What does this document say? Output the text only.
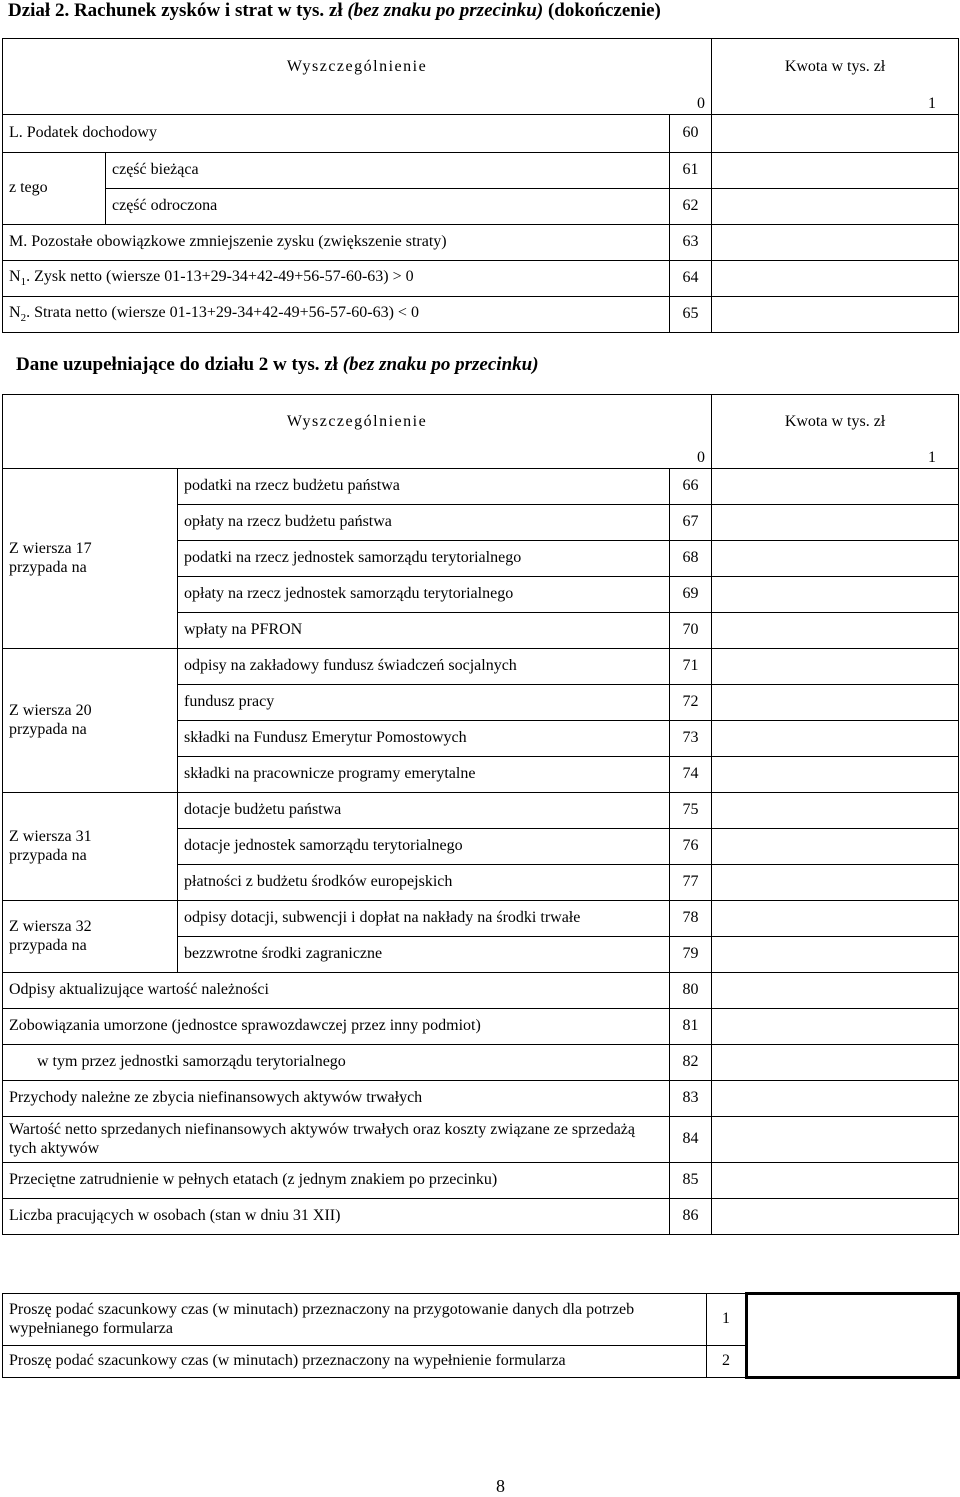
Dział 2. Rachunek zysków i strat w tys. zł (bez znaku po przecinku) (dokończenie)
Wyszczególnienie			Kwota w tys. zł
0			1
L. Podatek dochodowy		60	
z tego	część bieżąca	61	
	część odroczona	62	
M. Pozostałe obowiązkowe zmniejszenie zysku (zwiększenie straty)		63	
$N_1$. Zysk netto (wiersze 01-13+29-34+42-49+56-57-60-63) > 0		64	
$N_2$. Strata netto (wiersze 01-13+29-34+42-49+56-57-60-63) < 0		65	
Dane uzupełniające do działu 2 w tys. zł (bez znaku po przecinku)
Wyszczególnienie			Kwota w tys. zł
0			1
Z wiersza 17 przypada na	podatki na rzecz budżetu państwa	66	
	opłaty na rzecz budżetu państwa	67	
	podatki na rzecz jednostek samorządu terytorialnego	68	
	opłaty na rzecz jednostek samorządu terytorialnego	69	
	wpłaty na PFRON	70	
Z wiersza 20 przypada na	odpisy na zakładowy fundusz świadczeń socjalnych	71	
	fundusz pracy	72	
	składki na Fundusz Emerytur Pomostowych	73	
	składki na pracownicze programy emerytalne	74	
Z wiersza 31 przypada na	dotacje budżetu państwa	75	
	dotacje jednostek samorządu terytorialnego	76	
	płatności z budżetu środków europejskich	77	
Z wiersza 32 przypada na	odpisy dotacji, subwencji i dopłat na nakłady na środki trwałe	78	
	bezzwrotne środki zagraniczne	79	
Odpisy aktualizujące wartość należności		80	
Zobowiązania umorzone (jednostce sprawozdawczej przez inny podmiot)		81	
w tym przez jednostki samorządu terytorialnego		82	
Przychody należne ze zbycia niefinansowych aktywów trwałych		83	
Wartość netto sprzedanych niefinansowych aktywów trwałych oraz koszty związane ze sprzedażą tych aktywów		84	
Przeciętne zatrudnienie w pełnych etatach (z jednym znakiem po przecinku)		85	
Liczba pracujących w osobach (stan w dniu 31 XII)		86	
Proszę podać szacunkowy czas (w minutach) przeznaczony na przygotowanie danych dla potrzeb wypełnianego formularza	1	
Proszę podać szacunkowy czas (w minutach) przeznaczony na wypełnienie formularza	2	
8
